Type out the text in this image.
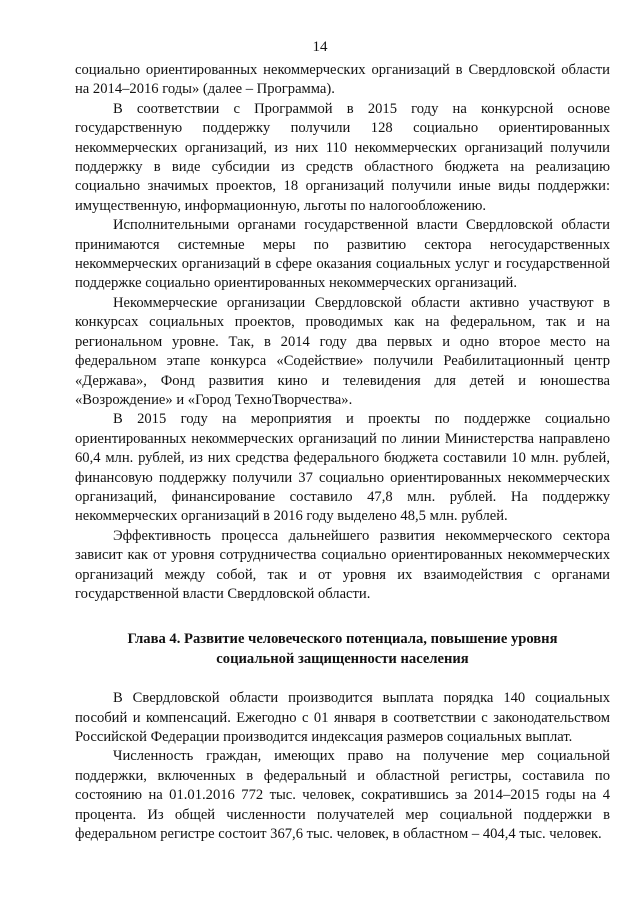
14

социально ориентированных некоммерческих организаций в Свердловской области на 2014–2016 годы» (далее – Программа).

В соответствии с Программой в 2015 году на конкурсной основе государственную поддержку получили 128 социально ориентированных некоммерческих организаций, из них 110 некоммерческих организаций получили поддержку в виде субсидии из средств областного бюджета на реализацию социально значимых проектов, 18 организаций получили иные виды поддержки: имущественную, информационную, льготы по налогообложению.

Исполнительными органами государственной власти Свердловской области принимаются системные меры по развитию сектора негосударственных некоммерческих организаций в сфере оказания социальных услуг и государственной поддержке социально ориентированных некоммерческих организаций.

Некоммерческие организации Свердловской области активно участвуют в конкурсах социальных проектов, проводимых как на федеральном, так и на региональном уровне. Так, в 2014 году два первых и одно второе место на федеральном этапе конкурса «Содействие» получили Реабилитационный центр «Держава», Фонд развития кино и телевидения для детей и юношества «Возрождение» и «Город ТехноТворчества».

В 2015 году на мероприятия и проекты по поддержке социально ориентированных некоммерческих организаций по линии Министерства направлено 60,4 млн. рублей, из них средства федерального бюджета составили 10 млн. рублей, финансовую поддержку получили 37 социально ориентированных некоммерческих организаций, финансирование составило 47,8 млн. рублей. На поддержку некоммерческих организаций в 2016 году выделено 48,5 млн. рублей.

Эффективность процесса дальнейшего развития некоммерческого сектора зависит как от уровня сотрудничества социально ориентированных некоммерческих организаций между собой, так и от уровня их взаимодействия с органами государственной власти Свердловской области.

Глава 4. Развитие человеческого потенциала, повышение уровня
социальной защищенности населения

В Свердловской области производится выплата порядка 140 социальных пособий и компенсаций. Ежегодно с 01 января в соответствии с законодательством Российской Федерации производится индексация размеров социальных выплат.

Численность граждан, имеющих право на получение мер социальной поддержки, включенных в федеральный и областной регистры, составила по состоянию на 01.01.2016 772 тыс. человек, сократившись за 2014–2015 годы на 4 процента. Из общей численности получателей мер социальной поддержки в федеральном регистре состоит 367,6 тыс. человек, в областном – 404,4 тыс. человек.
